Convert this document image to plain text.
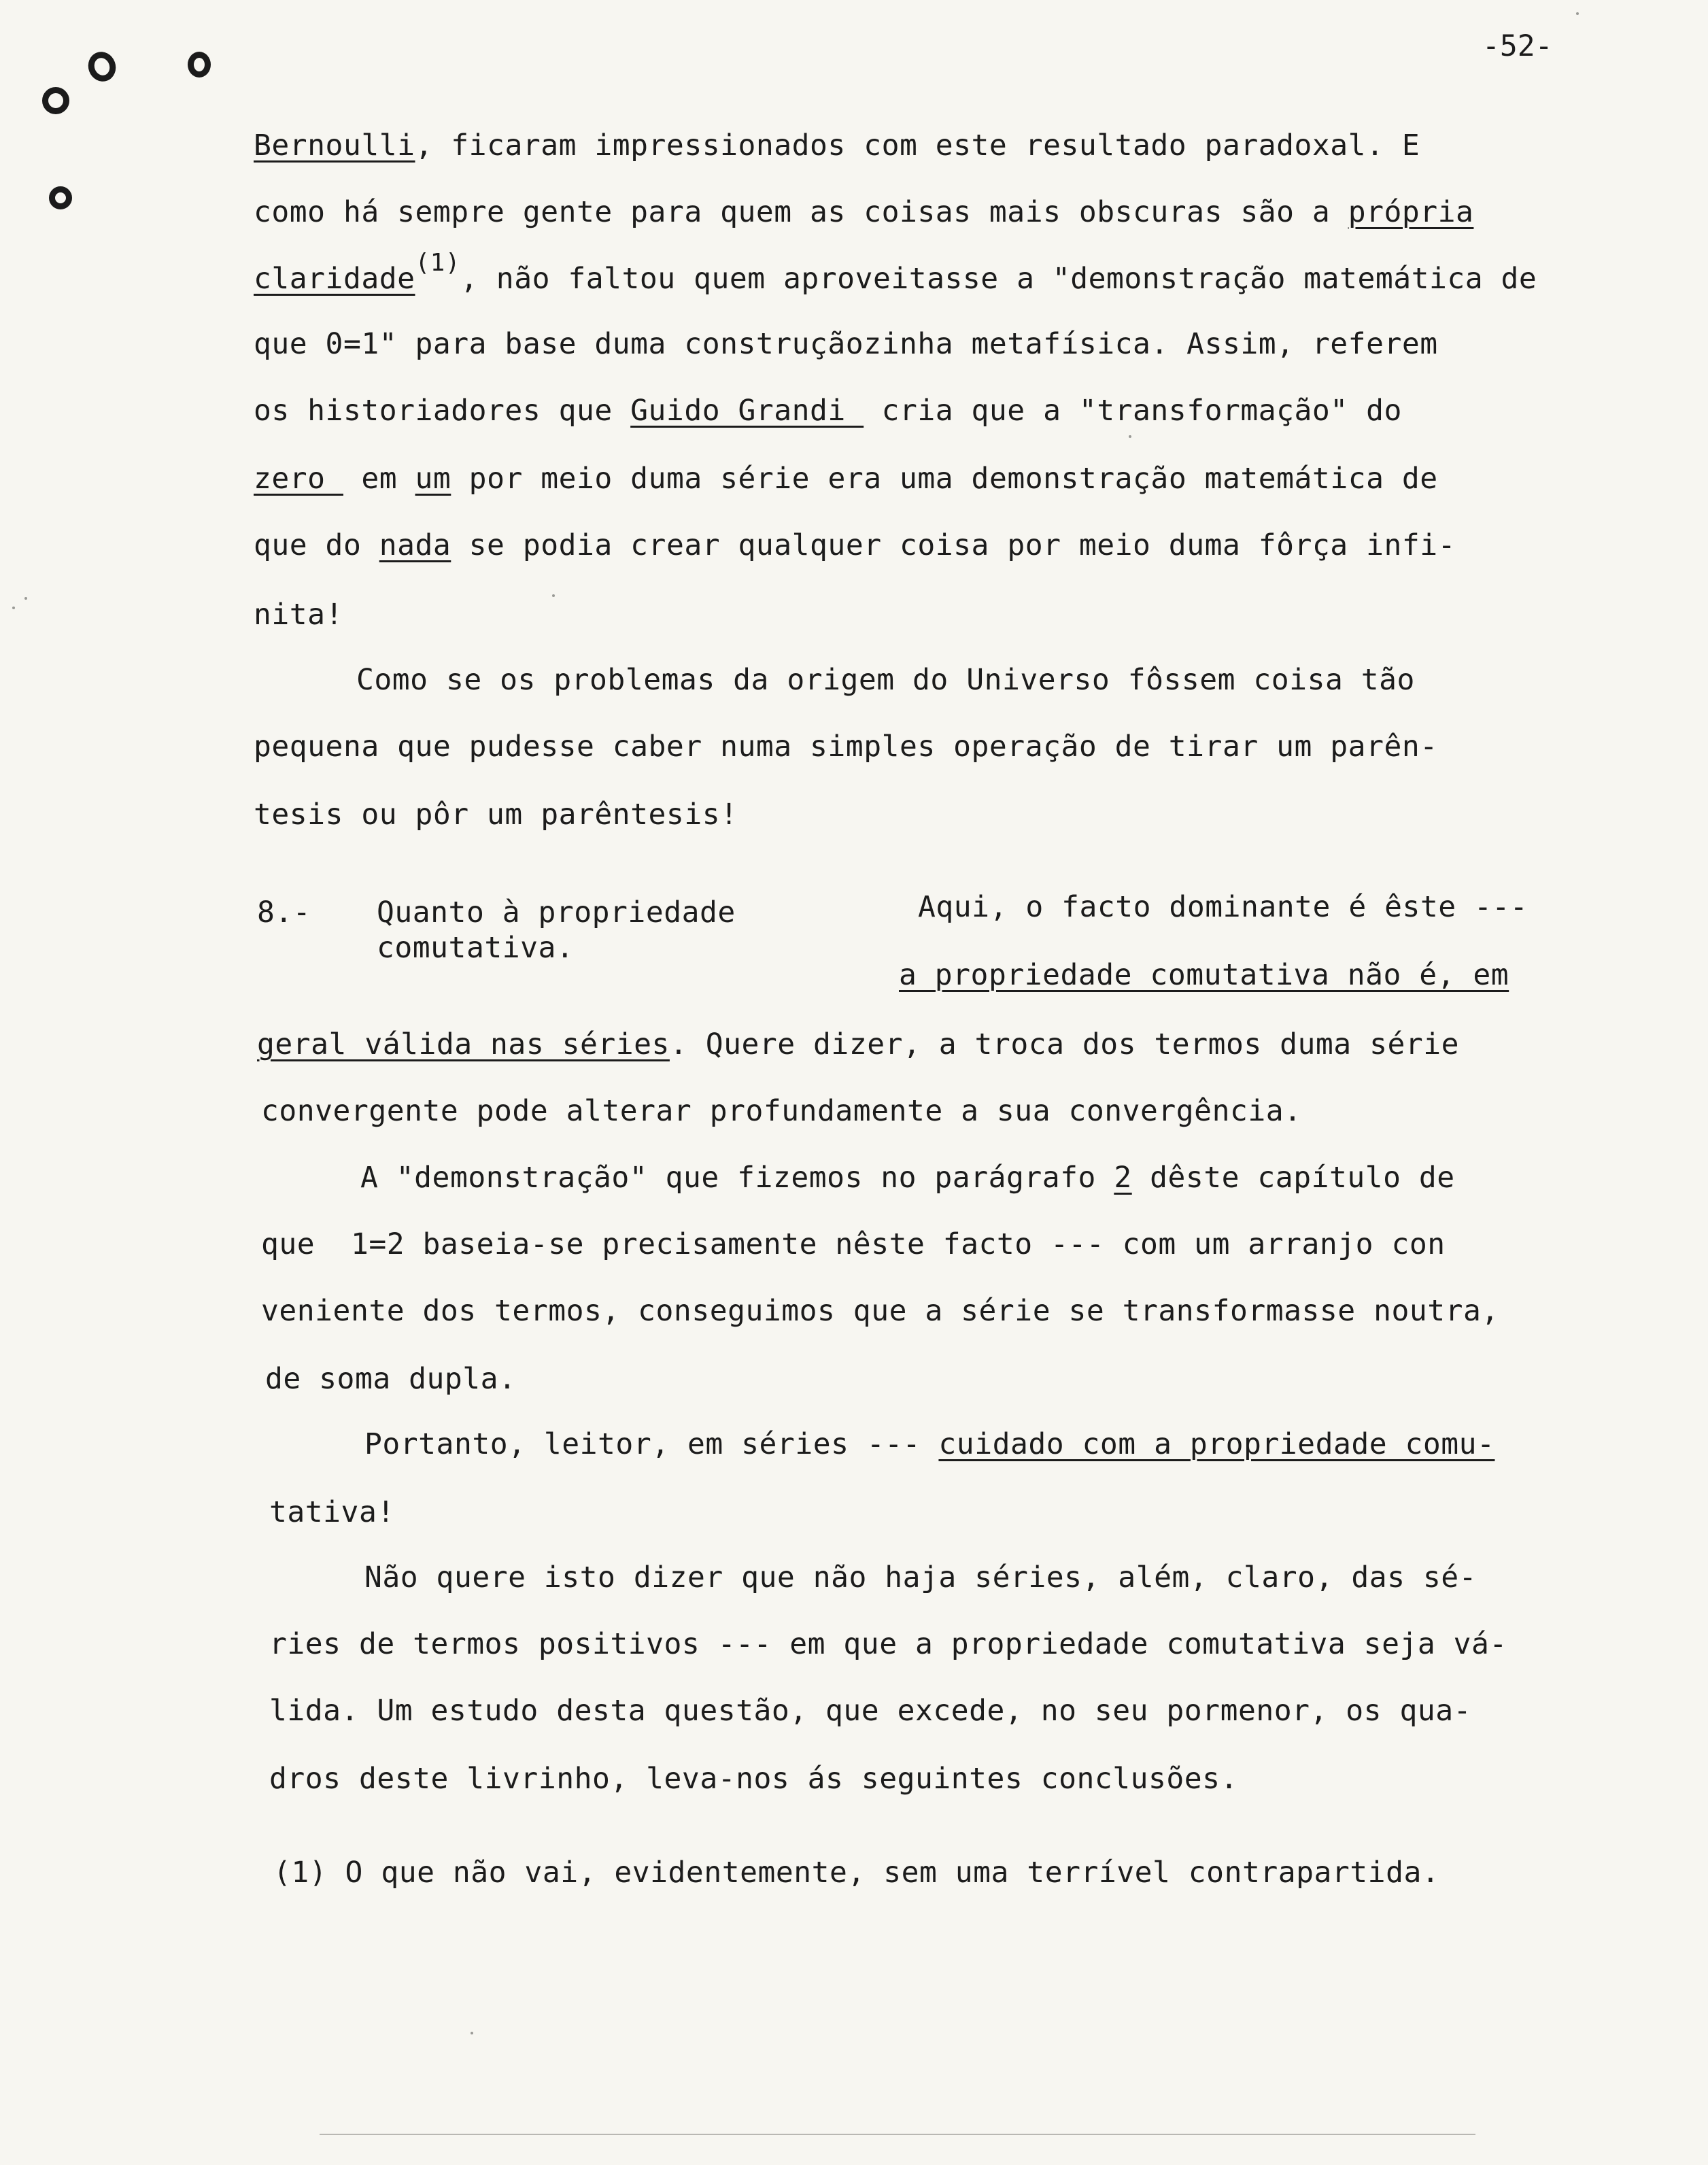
-52-
Bernoulli, ficaram impressionados com este resultado paradoxal. E
como há sempre gente para quem as coisas mais obscuras são a própria
claridade$^{(1)}$, não faltou quem aproveitasse a "demonstração matemática de
que 0=1" para base duma construçãozinha metafísica. Assim, referem
os historiadores que Guido Grandi  cria que a "transformação" do
zero  em um por meio duma série era uma demonstração matemática de
que do nada se podia crear qualquer coisa por meio duma fôrça infi-
nita!
Como se os problemas da origem do Universo fôssem coisa tão
pequena que pudesse caber numa simples operação de tirar um parên-
tesis ou pôr um parêntesis!
8.- Quanto à propriedade
comutativa.
Aqui, o facto dominante é êste ---
a propriedade comutativa não é, em
geral válida nas séries. Quere dizer, a troca dos termos duma série
convergente pode alterar profundamente a sua convergência.
A "demonstração" que fizemos no parágrafo 2 dêste capítulo de
que  1=2 baseia-se precisamente nêste facto --- com um arranjo con
veniente dos termos, conseguimos que a série se transformasse noutra,
de soma dupla.
Portanto, leitor, em séries --- cuidado com a propriedade comu-
tativa!
Não quere isto dizer que não haja séries, além, claro, das sé-
ries de termos positivos --- em que a propriedade comutativa seja vá-
lida. Um estudo desta questão, que excede, no seu pormenor, os qua-
dros deste livrinho, leva-nos ás seguintes conclusões.
(1) O que não vai, evidentemente, sem uma terrível contrapartida.
